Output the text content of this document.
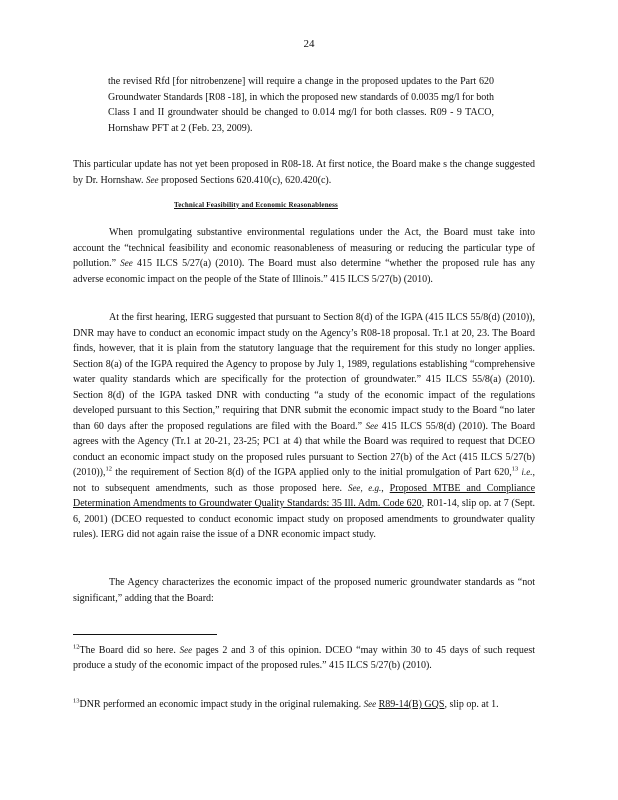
24

the revised Rfd [for nitrobenzene] will require a change in the proposed updates to the Part 620 Groundwater Standards [R08 -18], in which the proposed new standards of 0.0035 mg/l for both Class I and II groundwater should be changed to 0.014 mg/l for both classes. R09 - 9 TACO, Hornshaw PFT at 2 (Feb. 23, 2009).

This particular update has not yet been proposed in R08-18. At first notice, the Board make s the change suggested by Dr. Hornshaw. See proposed Sections 620.410(c), 620.420(c).

Technical Feasibility and Economic Reasonableness

When promulgating substantive environmental regulations under the Act, the Board must take into account the “technical feasibility and economic reasonableness of measuring or reducing the particular type of pollution.” See 415 ILCS 5/27(a) (2010). The Board must also determine “whether the proposed rule has any adverse economic impact on the people of the State of Illinois.” 415 ILCS 5/27(b) (2010).

At the first hearing, IERG suggested that pursuant to Section 8(d) of the IGPA (415 ILCS 55/8(d) (2010)), DNR may have to conduct an economic impact study on the Agency’s R08-18 proposal. Tr.1 at 20, 23. The Board finds, however, that it is plain from the statutory language that the requirement for this study no longer applies. Section 8(a) of the IGPA required the Agency to propose by July 1, 1989, regulations establishing “comprehensive water quality standards which are specifically for the protection of groundwater.” 415 ILCS 55/8(a) (2010). Section 8(d) of the IGPA tasked DNR with conducting “a study of the economic impact of the regulations developed pursuant to this Section,” requiring that DNR submit the economic impact study to the Board “no later than 60 days after the proposed regulations are filed with the Board.” See 415 ILCS 55/8(d) (2010). The Board agrees with the Agency (Tr.1 at 20-21, 23-25; PC1 at 4) that while the Board was required to request that DCEO conduct an economic impact study on the proposed rules pursuant to Section 27(b) of the Act (415 ILCS 5/27(b) (2010)),$^{12}$ the requirement of Section 8(d) of the IGPA applied only to the initial promulgation of Part 620,13 i.e., not to subsequent amendments, such as those proposed here. See, e.g., Proposed MTBE and Compliance Determination Amendments to Groundwater Quality Standards: 35 Ill. Adm. Code 620, R01-14, slip op. at 7 (Sept. 6, 2001) (DCEO requested to conduct economic impact study on proposed amendments to groundwater quality rules). IERG did not again raise the issue of a DNR economic impact study.

The Agency characterizes the economic impact of the proposed numeric groundwater standards as “not significant,” adding that the Board:

$^{12}$The Board did so here. See pages 2 and 3 of this opinion. DCEO “may within 30 to 45 days of such request produce a study of the economic impact of the proposed rules.” 415 ILCS 5/27(b) (2010).

$^{13}$DNR performed an economic impact study in the original rulemaking. See R89-14(B) GQS, slip op. at 1.
